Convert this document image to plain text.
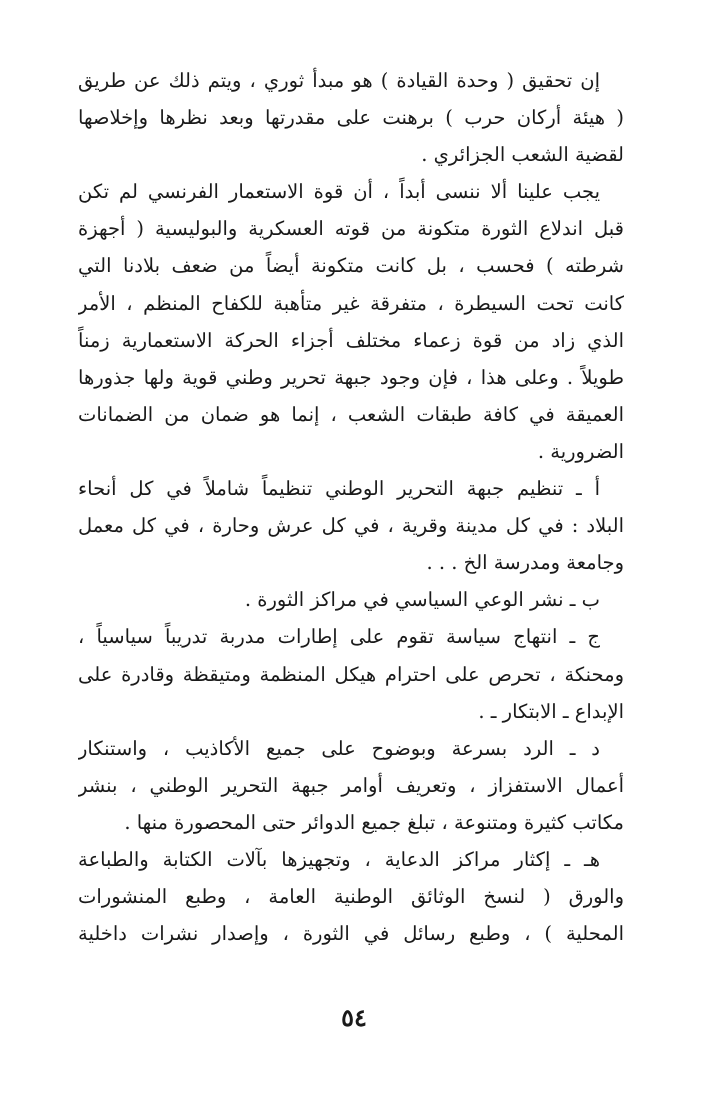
إن تحقيق ( وحدة القيادة ) هو مبدأ ثوري ، ويتم ذلك عن طريق
( هيئة أركان حرب ) برهنت على مقدرتها وبعد نظرها وإخلاصها
لقضية الشعب الجزائري .
يجب علينا ألا ننسى أبداً ، أن قوة الاستعمار الفرنسي لم تكن
قبل اندلاع الثورة متكونة من قوته العسكرية والبوليسية ( أجهزة
شرطته ) فحسب ، بل كانت متكونة أيضاً من ضعف بلادنا التي
كانت تحت السيطرة ، متفرقة غير متأهبة للكفاح المنظم ، الأمر
الذي زاد من قوة زعماء مختلف أجزاء الحركة الاستعمارية زمناً
طويلاً . وعلى هذا ، فإن وجود جبهة تحرير وطني قوية ولها جذورها
العميقة في كافة طبقات الشعب ، إنما هو ضمان من الضمانات
الضرورية .
أ ـ تنظيم جبهة التحرير الوطني تنظيماً شاملاً في كل أنحاء
البلاد : في كل مدينة وقرية ، في كل عرش وحارة ، في كل معمل
وجامعة ومدرسة الخ . . .
ب ـ نشر الوعي السياسي في مراكز الثورة .
ج ـ انتهاج سياسة تقوم على إطارات مدربة تدريباً سياسياً ،
ومحنكة ، تحرص على احترام هيكل المنظمة ومتيقظة وقادرة على
الإبداع ـ الابتكار ـ .
د ـ الرد بسرعة وبوضوح على جميع الأكاذيب ، واستنكار
أعمال الاستفزاز ، وتعريف أوامر جبهة التحرير الوطني ، بنشر
مكاتب كثيرة ومتنوعة ، تبلغ جميع الدوائر حتى المحصورة منها .
هـ ـ إكثار مراكز الدعاية ، وتجهيزها بآلات الكتابة والطباعة
والورق ( لنسخ الوثائق الوطنية العامة ، وطبع المنشورات
المحلية ) ، وطبع رسائل في الثورة ، وإصدار نشرات داخلية
٥٤
